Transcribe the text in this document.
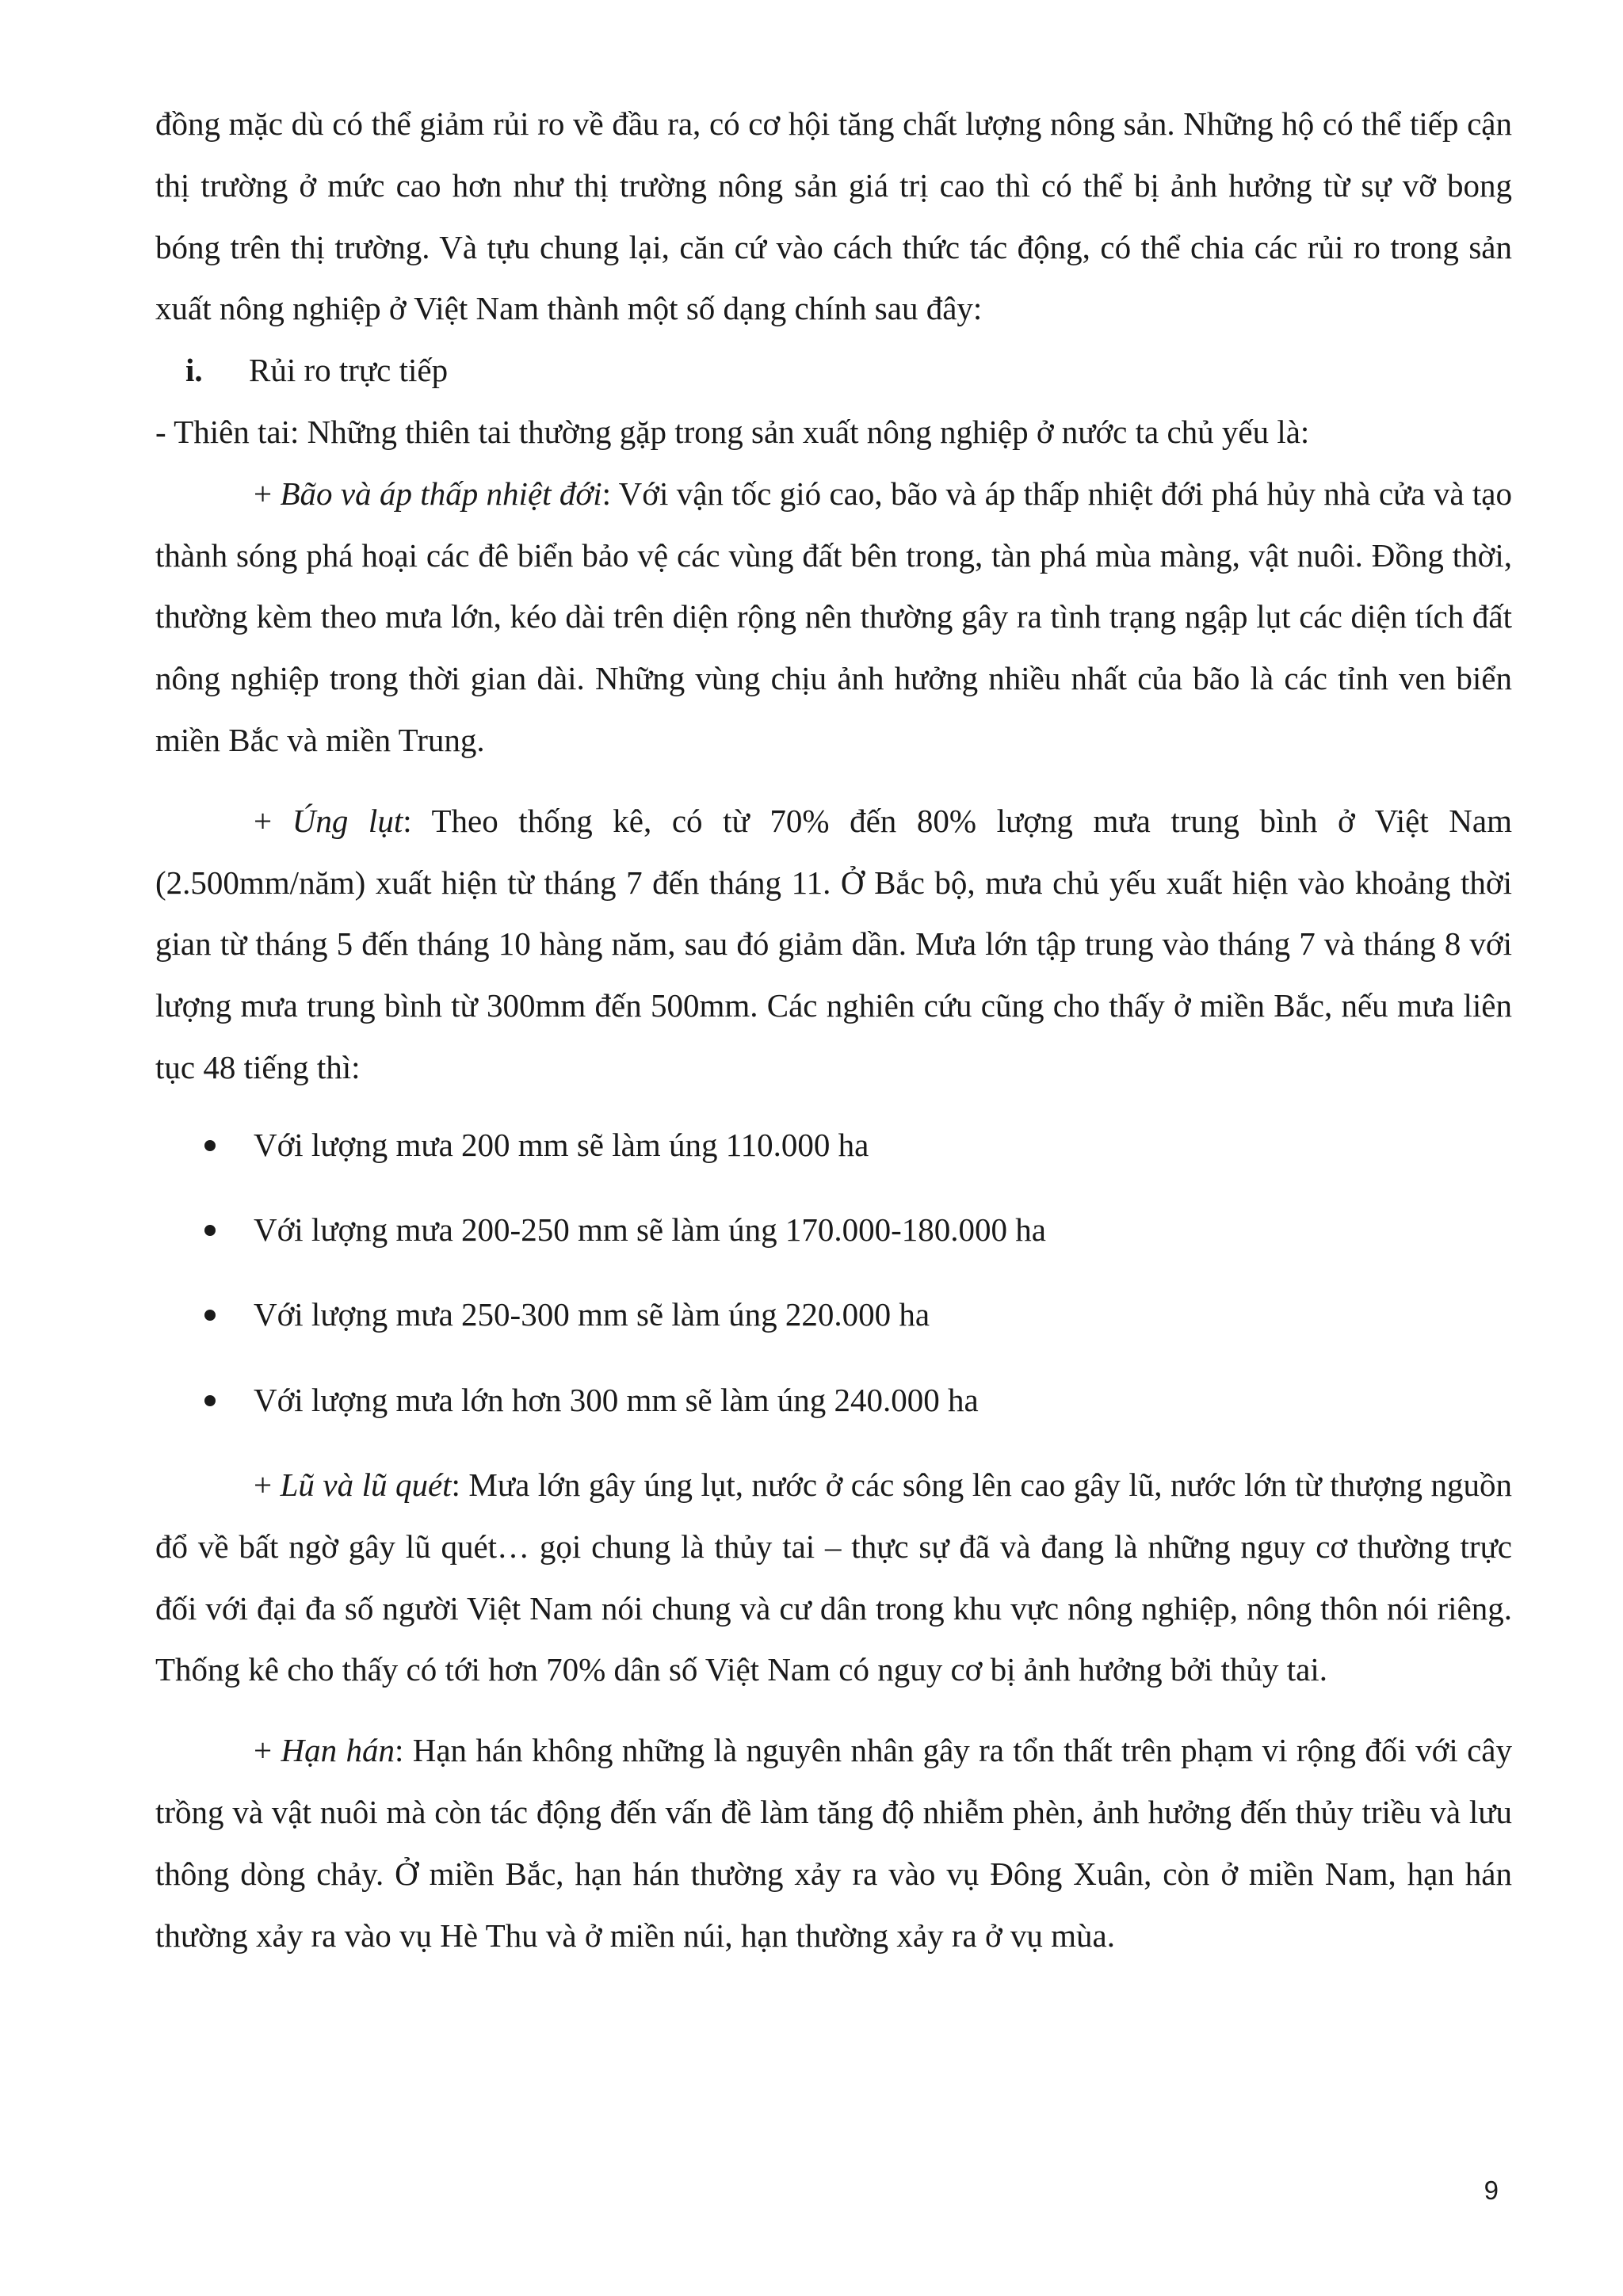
đồng mặc dù có thể giảm rủi ro về đầu ra, có cơ hội tăng chất lượng nông sản. Những hộ có thể tiếp cận thị trường ở mức cao hơn như thị trường nông sản giá trị cao thì có thể bị ảnh hưởng từ sự vỡ bong bóng trên thị trường. Và tựu chung lại, căn cứ vào cách thức tác động, có thể chia các rủi ro trong sản xuất nông nghiệp ở Việt Nam thành một số dạng chính sau đây:

i.	Rủi ro trực tiếp

- Thiên tai: Những thiên tai thường gặp trong sản xuất nông nghiệp ở nước ta chủ yếu là:

+ Bão và áp thấp nhiệt đới: Với vận tốc gió cao, bão và áp thấp nhiệt đới phá hủy nhà cửa và tạo thành sóng phá hoại các đê biển bảo vệ các vùng đất bên trong, tàn phá mùa màng, vật nuôi. Đồng thời, thường kèm theo mưa lớn, kéo dài trên diện rộng nên thường gây ra tình trạng ngập lụt các diện tích đất nông nghiệp trong thời gian dài. Những vùng chịu ảnh hưởng nhiều nhất của bão là các tỉnh ven biển miền Bắc và miền Trung.

+ Úng lụt: Theo thống kê, có từ 70% đến 80% lượng mưa trung bình ở Việt Nam (2.500mm/năm) xuất hiện từ tháng 7 đến tháng 11. Ở Bắc bộ, mưa chủ yếu xuất hiện vào khoảng thời gian từ tháng 5 đến tháng 10 hàng năm, sau đó giảm dần. Mưa lớn tập trung vào tháng 7 và tháng 8 với lượng mưa trung bình từ 300mm đến 500mm. Các nghiên cứu cũng cho thấy ở miền Bắc, nếu mưa liên tục 48 tiếng thì:

Với lượng mưa 200 mm sẽ làm úng 110.000 ha
Với lượng mưa 200-250 mm sẽ làm úng 170.000-180.000 ha
Với lượng mưa 250-300 mm sẽ làm úng 220.000 ha
Với lượng mưa lớn hơn 300 mm sẽ làm úng 240.000 ha

+ Lũ và lũ quét: Mưa lớn gây úng lụt, nước ở các sông lên cao gây lũ, nước lớn từ thượng nguồn đổ về bất ngờ gây lũ quét… gọi chung là thủy tai – thực sự đã và đang là những nguy cơ thường trực đối với đại đa số người Việt Nam nói chung và cư dân trong khu vực nông nghiệp, nông thôn nói riêng. Thống kê cho thấy có tới hơn 70% dân số Việt Nam có nguy cơ bị ảnh hưởng bởi thủy tai.

+ Hạn hán: Hạn hán không những là nguyên nhân gây ra tổn thất trên phạm vi rộng đối với cây trồng và vật nuôi mà còn tác động đến vấn đề làm tăng độ nhiễm phèn, ảnh hưởng đến thủy triều và lưu thông dòng chảy. Ở miền Bắc, hạn hán thường xảy ra vào vụ Đông Xuân, còn ở miền Nam, hạn hán thường xảy ra vào vụ Hè Thu và ở miền núi, hạn thường xảy ra ở vụ mùa.

9
